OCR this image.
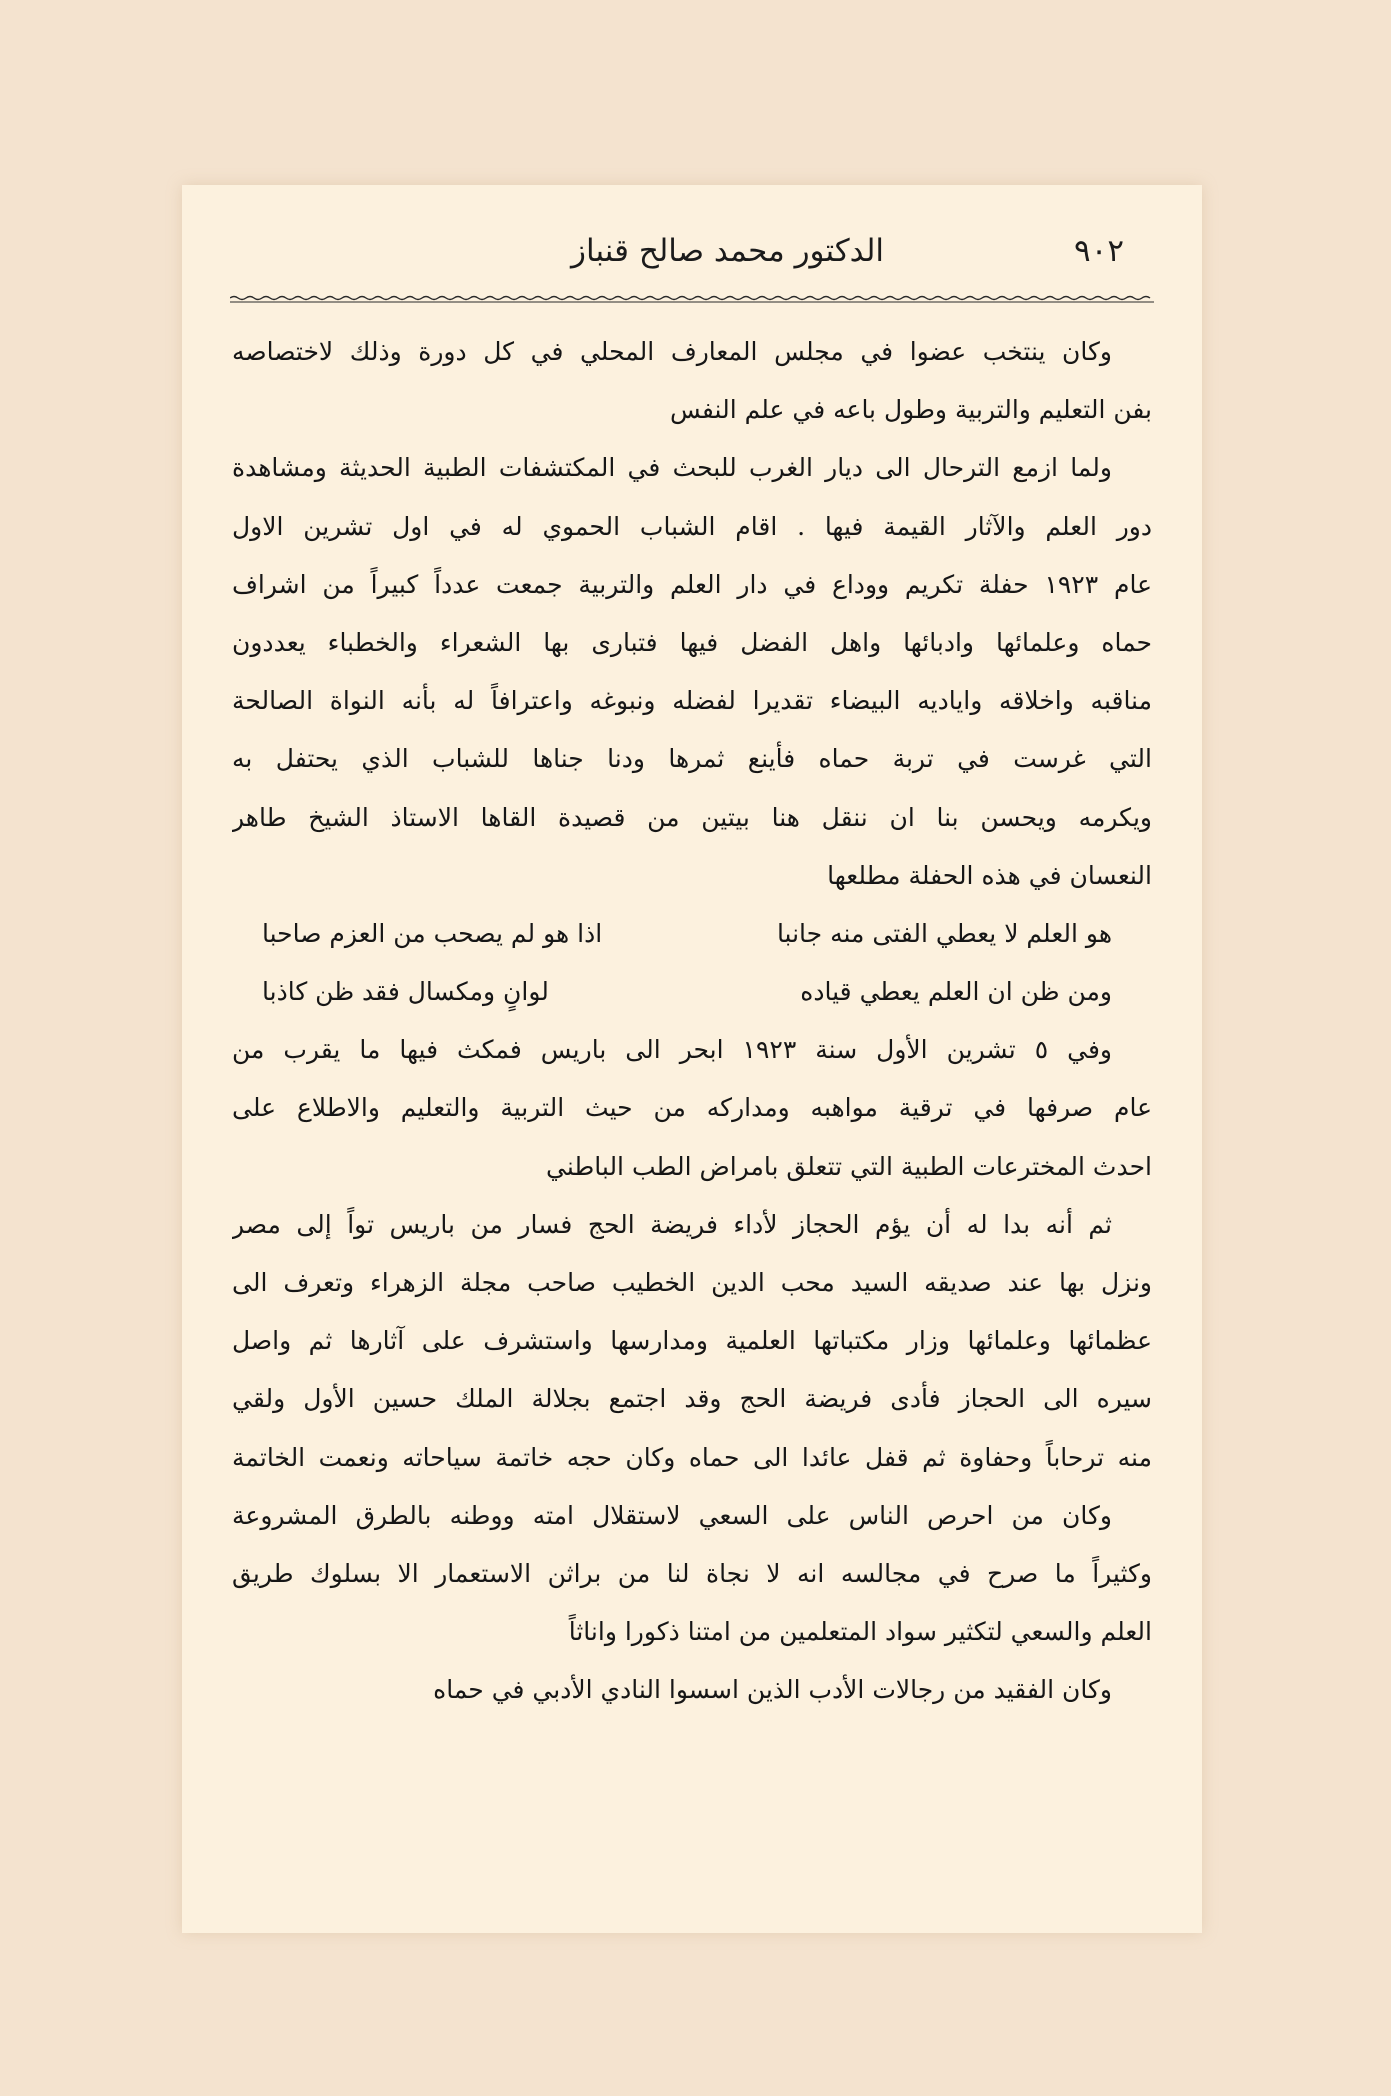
٩٠٢
الدكتور محمد صالح قنباز
وكان ينتخب عضوا في مجلس المعارف المحلي في كل دورة وذلك لاختصاصه
بفن التعليم والتربية وطول باعه في علم النفس
ولما ازمع الترحال الى ديار الغرب للبحث في المكتشفات الطبية الحديثة ومشاهدة
دور العلم والآثار القيمة فيها . اقام الشباب الحموي له في اول تشرين الاول
عام ١٩٢٣ حفلة تكريم ووداع في دار العلم والتربية جمعت عدداً كبيراً من اشراف
حماه وعلمائها وادبائها واهل الفضل فيها فتبارى بها الشعراء والخطباء يعددون
مناقبه واخلاقه واياديه البيضاء تقديرا لفضله ونبوغه واعترافاً له بأنه النواة الصالحة
التي غرست في تربة حماه فأينع ثمرها ودنا جناها للشباب الذي يحتفل به
ويكرمه ويحسن بنا ان ننقل هنا بيتين من قصيدة القاها الاستاذ الشيخ طاهر
النعسان في هذه الحفلة مطلعها
هو العلم لا يعطي الفتى منه جانبا
اذا هو لم يصحب من العزم صاحبا
ومن ظن ان العلم يعطي قياده
لوانٍ ومكسال فقد ظن كاذبا
وفي ٥ تشرين الأول سنة ١٩٢٣ ابحر الى باريس فمكث فيها ما يقرب من
عام صرفها في ترقية مواهبه ومداركه من حيث التربية والتعليم والاطلاع على
احدث المخترعات الطبية التي تتعلق بامراض الطب الباطني
ثم أنه بدا له أن يؤم الحجاز لأداء فريضة الحج فسار من باريس تواً إلى مصر
ونزل بها عند صديقه السيد محب الدين الخطيب صاحب مجلة الزهراء وتعرف الى
عظمائها وعلمائها وزار مكتباتها العلمية ومدارسها واستشرف على آثارها ثم واصل
سيره الى الحجاز فأدى فريضة الحج وقد اجتمع بجلالة الملك حسين الأول ولقي
منه ترحاباً وحفاوة ثم قفل عائدا الى حماه وكان حجه خاتمة سياحاته ونعمت الخاتمة
وكان من احرص الناس على السعي لاستقلال امته ووطنه بالطرق المشروعة
وكثيراً ما صرح في مجالسه انه لا نجاة لنا من براثن الاستعمار الا بسلوك طريق
العلم والسعي لتكثير سواد المتعلمين من امتنا ذكورا واناثاً
وكان الفقيد من رجالات الأدب الذين اسسوا النادي الأدبي في حماه
